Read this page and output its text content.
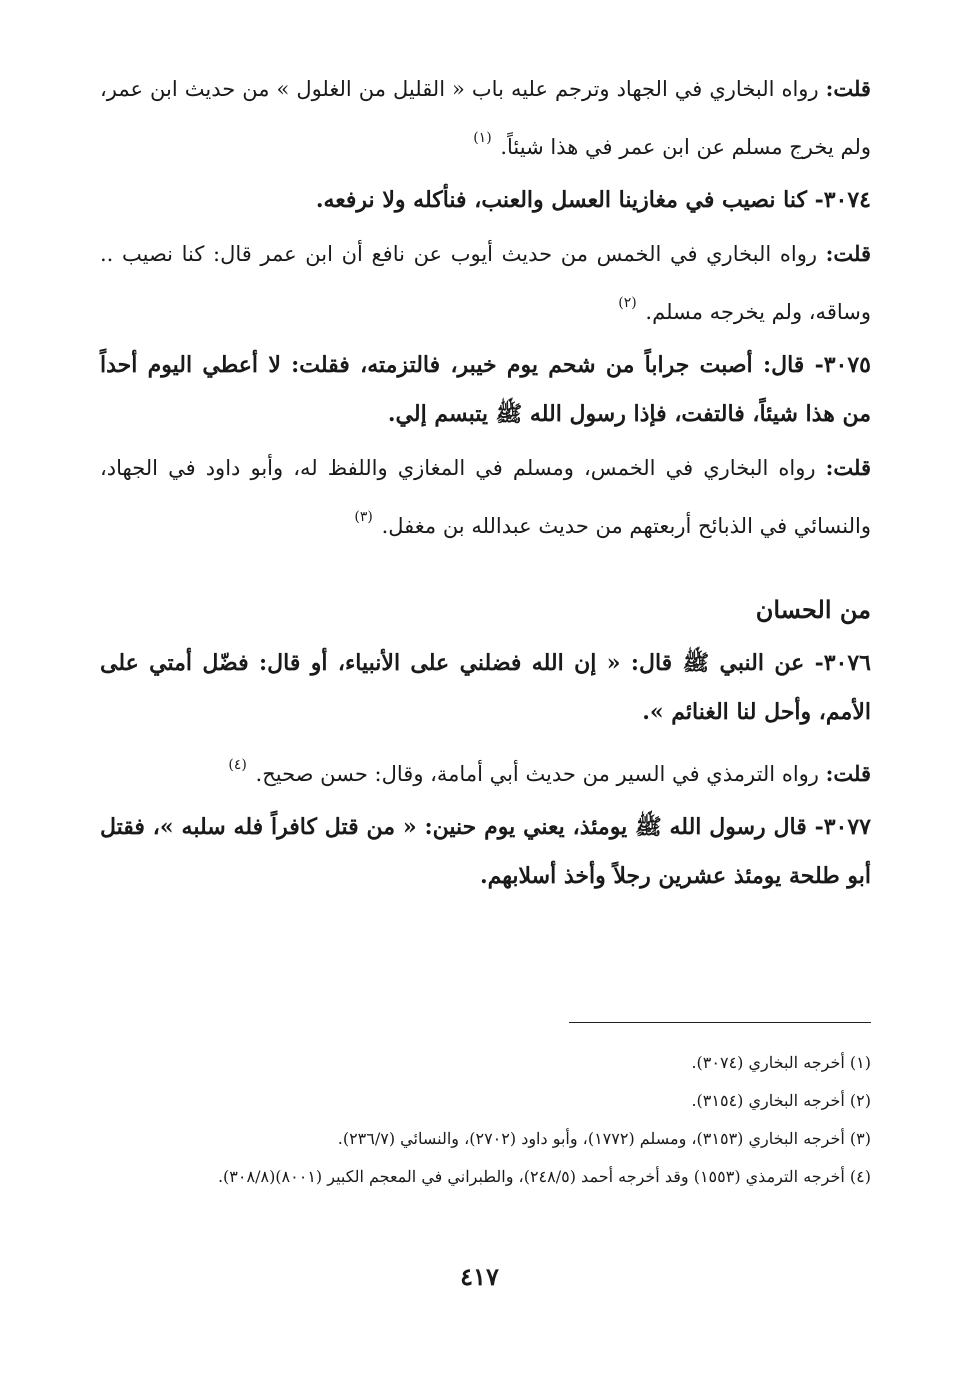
قلت: رواه البخاري في الجهاد وترجم عليه باب « القليل من الغلول » من حديث ابن عمر، ولم يخرج مسلم عن ابن عمر في هذا شيئاً. $^{(١)}$

٣٠٧٤- كنا نصيب في مغازينا العسل والعنب، فنأكله ولا نرفعه.

قلت: رواه البخاري في الخمس من حديث أيوب عن نافع أن ابن عمر قال: كنا نصيب .. وساقه، ولم يخرجه مسلم. $^{(٢)}$

٣٠٧٥- قال: أصبت جراباً من شحم يوم خيبر، فالتزمته، فقلت: لا أعطي اليوم أحداً من هذا شيئاً، فالتفت، فإذا رسول الله ﷺ يتبسم إلي.

قلت: رواه البخاري في الخمس، ومسلم في المغازي واللفظ له، وأبو داود في الجهاد، والنسائي في الذبائح أربعتهم من حديث عبدالله بن مغفل. $^{(٣)}$

من الحسان

٣٠٧٦- عن النبي ﷺ قال: « إن الله فضلني على الأنبياء، أو قال: فضّل أمتي على الأمم، وأحل لنا الغنائم ».

قلت: رواه الترمذي في السير من حديث أبي أمامة، وقال: حسن صحيح. $^{(٤)}$

٣٠٧٧- قال رسول الله ﷺ يومئذ، يعني يوم حنين: « من قتل كافراً فله سلبه »، فقتل أبو طلحة يومئذ عشرين رجلاً وأخذ أسلابهم.

(١) أخرجه البخاري (٣٠٧٤).

(٢) أخرجه البخاري (٣١٥٤).

(٣) أخرجه البخاري (٣١٥٣)، ومسلم (١٧٧٢)، وأبو داود (٢٧٠٢)، والنسائي (٢٣٦/٧).

(٤) أخرجه الترمذي (١٥٥٣) وقد أخرجه أحمد (٢٤٨/٥)، والطبراني في المعجم الكبير (٨٠٠١)(٣٠٨/٨).

٤١٧
